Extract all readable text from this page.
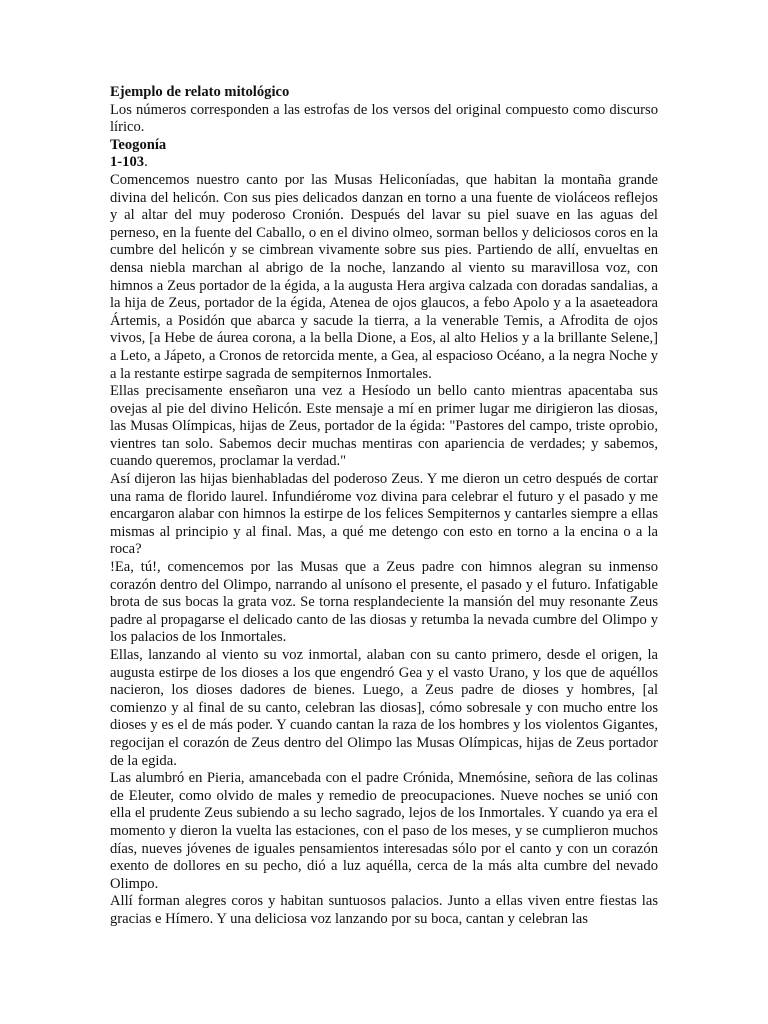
Ejemplo de relato mitológico
Los números corresponden a las estrofas de los versos del original compuesto como discurso lírico.
Teogonía
1-103.
Comencemos nuestro canto por las Musas Heliconíadas, que habitan la montaña grande divina del helicón. Con sus pies delicados danzan en torno a una fuente de violáceos reflejos y al altar del muy poderoso Cronión. Después del lavar su piel suave en las aguas del perneso, en la fuente del Caballo, o en el divino olmeo, sorman bellos y deliciosos coros en la cumbre del helicón y se cimbrean vivamente sobre sus pies. Partiendo de allí, envueltas en densa niebla marchan al abrigo de la noche, lanzando al viento su maravillosa voz, con himnos a Zeus portador de la égida, a la augusta Hera argiva calzada con doradas sandalias, a la hija de Zeus, portador de la égida, Atenea de ojos glaucos, a febo Apolo y a la asaeteadora Ártemis, a Posidón que abarca y sacude la tierra, a la venerable Temis, a Afrodita de ojos vivos, [a Hebe de áurea corona, a la bella Dione, a Eos, al alto Helios y a la brillante Selene,] a Leto, a Jápeto, a Cronos de retorcida mente, a Gea, al espacioso Océano, a la negra Noche y a la restante estirpe sagrada de sempiternos Inmortales.
Ellas precisamente enseñaron una vez a Hesíodo un bello canto mientras apacentaba sus ovejas al pie del divino Helicón. Este mensaje a mí en primer lugar me dirigieron las diosas, las Musas Olímpicas, hijas de Zeus, portador de la égida: "Pastores del campo, triste oprobio, vientres tan solo. Sabemos decir muchas mentiras con apariencia de verdades; y sabemos, cuando queremos, proclamar la verdad."
Así dijeron las hijas bienhabladas del poderoso Zeus. Y me dieron un cetro después de cortar una rama de florido laurel. Infundiérome voz divina para celebrar el futuro y el pasado y me encargaron alabar con himnos la estirpe de los felices Sempiternos y cantarles siempre a ellas mismas al principio y al final. Mas, a qué me detengo con esto en torno a la encina o a la roca?
!Ea, tú!, comencemos por las Musas que a Zeus padre con himnos alegran su inmenso corazón dentro del Olimpo, narrando al unísono el presente, el pasado y el futuro. Infatigable brota de sus bocas la grata voz. Se torna resplandeciente la mansión del muy resonante Zeus padre al propagarse el delicado canto de las diosas y retumba la nevada cumbre del Olimpo y los palacios de los Inmortales.
Ellas, lanzando al viento su voz inmortal, alaban con su canto primero, desde el origen, la augusta estirpe de los dioses a los que engendró Gea y el vasto Urano, y los que de aquéllos nacieron, los dioses dadores de bienes. Luego, a Zeus padre de dioses y hombres, [al comienzo y al final de su canto, celebran las diosas], cómo sobresale y con mucho entre los dioses y es el de más poder. Y cuando cantan la raza de los hombres y los violentos Gigantes, regocijan el corazón de Zeus dentro del Olimpo las Musas Olímpicas, hijas de Zeus portador de la egida.
Las alumbró en Pieria, amancebada con el padre Crónida, Mnemósine, señora de las colinas de Eleuter, como olvido de males y remedio de preocupaciones. Nueve noches se unió con ella el prudente Zeus subiendo a su lecho sagrado, lejos de los Inmortales. Y cuando ya era el momento y dieron la vuelta las estaciones, con el paso de los meses, y se cumplieron muchos días, nueves jóvenes de iguales pensamientos interesadas sólo por el canto y con un corazón exento de dollores en su pecho, dió a luz aquélla, cerca de la más alta cumbre del nevado Olimpo.
Allí forman alegres coros y habitan suntuosos palacios. Junto a ellas viven entre fiestas las gracias e Hímero. Y una deliciosa voz lanzando por su boca, cantan y celebran las
